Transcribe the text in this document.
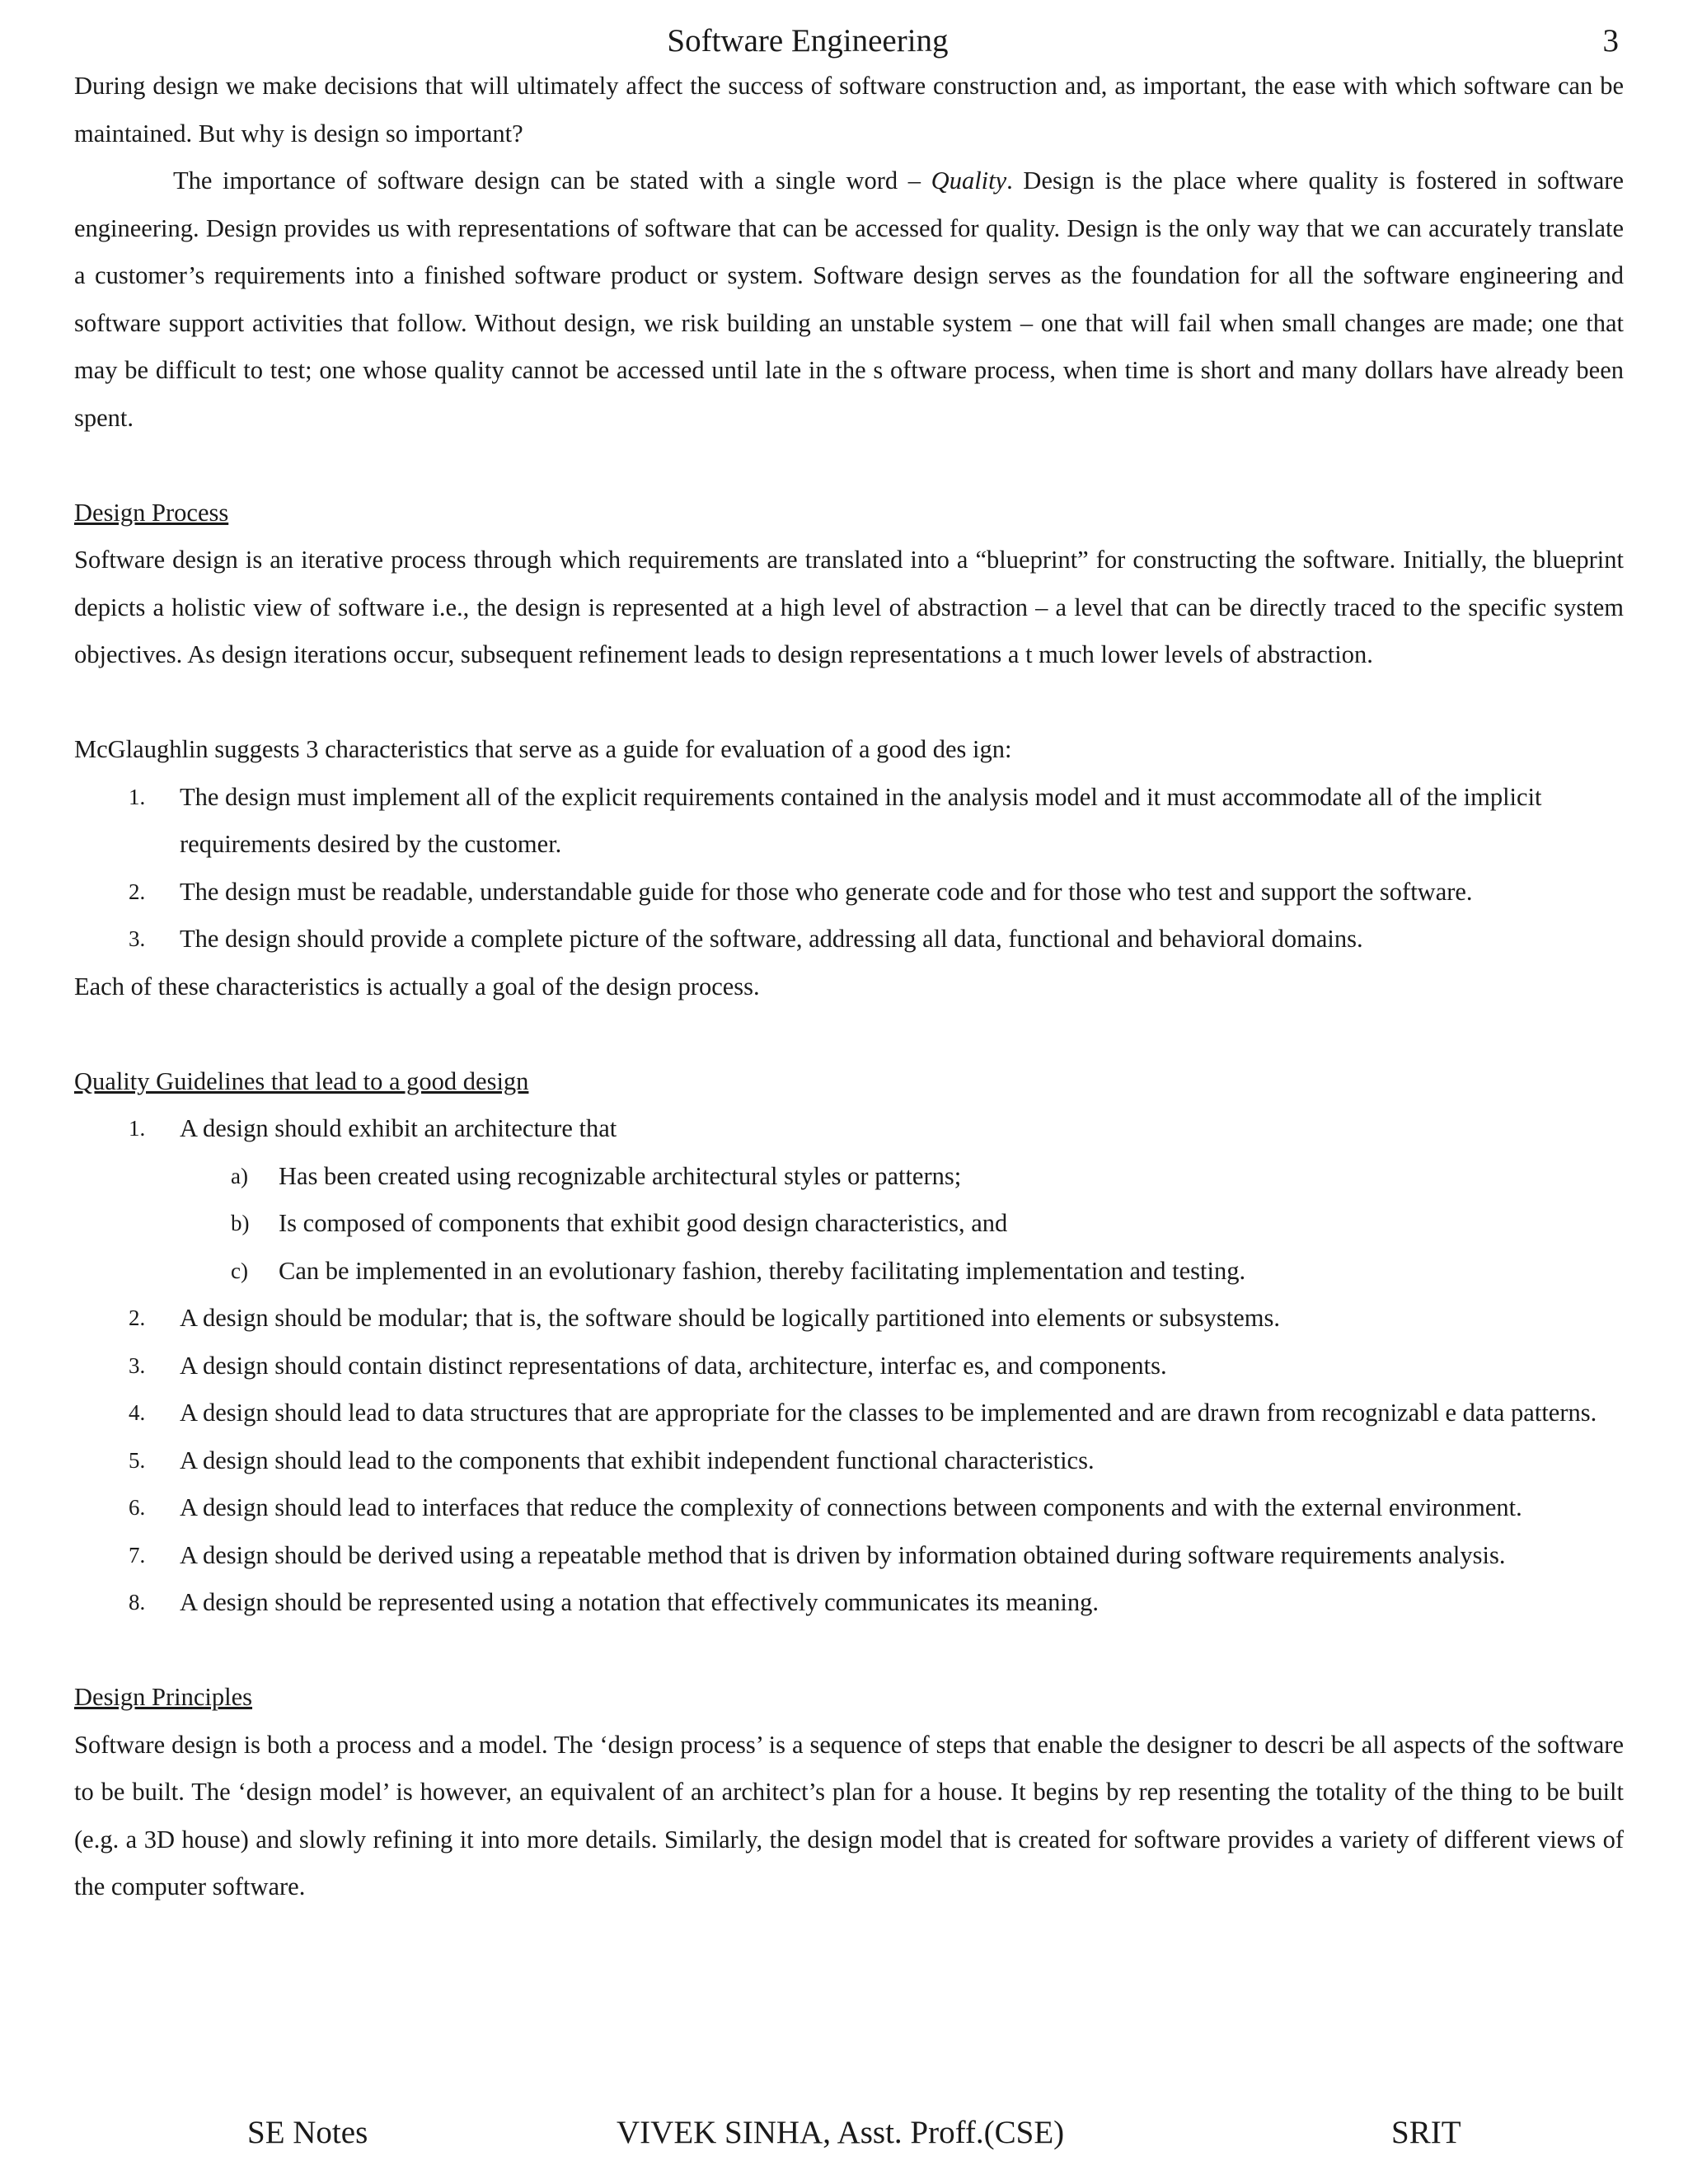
Software Engineering	3

During design we make decisions that will ultimately affect the success of software construction and, as important, the ease with which software can be maintained. But why is design so important?

The importance of software design can be stated with a single word – Quality. Design is the place where quality is fostered in software engineering. Design provides us with representations of software that can be accessed for quality. Design is the only way that we can accurately translate a customer’s requirements into a finished software product or system. Software design serves as the foundation for all the software engineering and software support activities that follow. Without design, we risk building an unstable system – one that will fail when small changes are made; one that may be difficult to test; one whose quality cannot be accessed until late in the s oftware process, when time is short and many dollars have already been spent.

Design Process

Software design is an iterative process through which requirements are translated into a “blueprint” for constructing the software. Initially, the blueprint depicts a holistic view of software i.e., the design is represented at a high level of abstraction – a level that can be directly traced to the specific system objectives. As design iterations occur, subsequent refinement leads to design representations a t much lower levels of abstraction.

McGlaughlin suggests 3 characteristics that serve as a guide for evaluation of a good des ign:

1. The design must implement all of the explicit requirements contained in the analysis model and it must accommodate all of the implicit requirements desired by the customer.
2. The design must be readable, understandable guide for those who generate code and for those who test and support the software.
3. The design should provide a complete picture of the software, addressing all data, functional and behavioral domains.

Each of these characteristics is actually a goal of the design process.

Quality Guidelines that lead to a good design

1. A design should exhibit an architecture that
a) Has been created using recognizable architectural styles or patterns;
b) Is composed of components that exhibit good design characteristics, and
c) Can be implemented in an evolutionary fashion, thereby facilitating implementation and testing.
2. A design should be modular; that is, the software should be logically partitioned into elements or subsystems.
3. A design should contain distinct representations of data, architecture, interfac es, and components.
4. A design should lead to data structures that are appropriate for the classes to be implemented and are drawn from recognizabl e data patterns.
5. A design should lead to the components that exhibit independent functional characteristics.
6. A design should lead to interfaces that reduce the complexity of connections between components and with the external environment.
7. A design should be derived using a repeatable method that is driven by information obtained during software requirements analysis.
8. A design should be represented using a notation that effectively communicates its meaning.

Design Principles

Software design is both a process and a model. The ‘design process’ is a sequence of steps that enable the designer to descri be all aspects of the software to be built. The ‘design model’ is however, an equivalent of an architect’s plan for a house. It begins by rep resenting the totality of the thing to be built (e.g. a 3D house) and slowly refining it into more details. Similarly, the design model that is created for software provides a variety of different views of the computer software.

SE Notes	VIVEK SINHA, Asst. Proff.(CSE)	SRIT
